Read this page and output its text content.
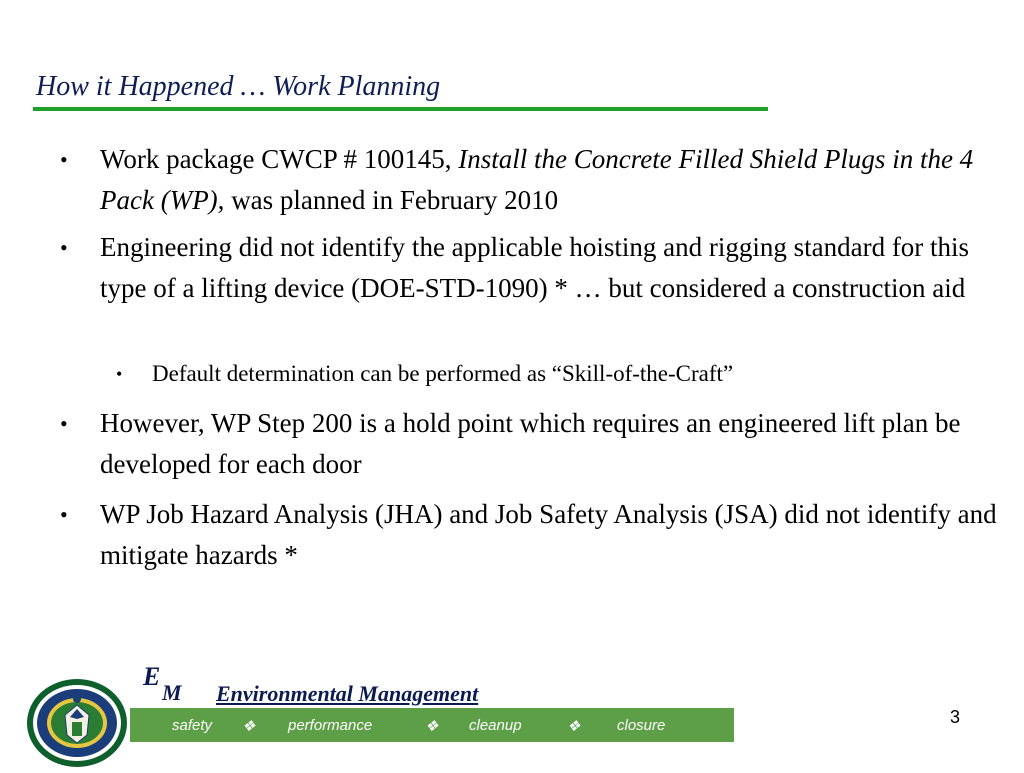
How it Happened … Work Planning
• Work package CWCP # 100145, Install the Concrete Filled Shield Plugs in the 4 Pack (WP), was planned in February 2010
• Engineering did not identify the applicable hoisting and rigging standard for this type of a lifting device (DOE-STD-1090) * … but considered a construction aid
• Default determination can be performed as “Skill-of-the-Craft”
• However, WP Step 200 is a hold point which requires an engineered lift plan be developed for each door
• WP Job Hazard Analysis (JHA) and Job Safety Analysis (JSA) did not identify and mitigate hazards *
E
M Environmental Management
safety ❖ performance	❖ cleanup	❖ closure	3
